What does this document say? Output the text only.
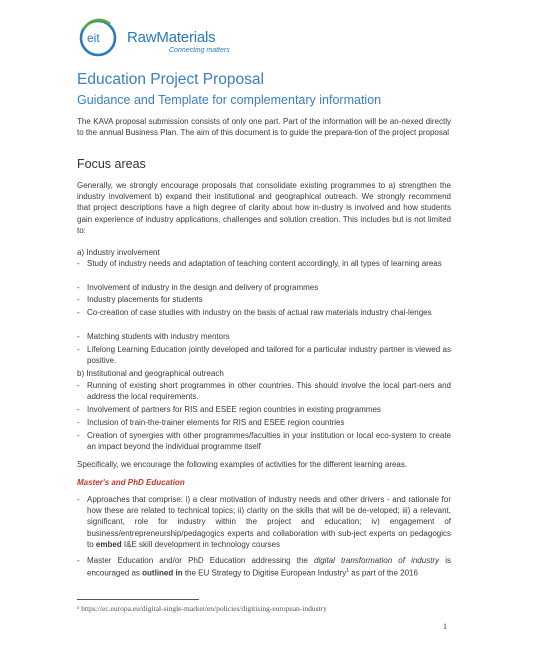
eit RawMaterials
Connecting matters
Education Project Proposal
Guidance and Template for complementary information
The KAVA proposal submission consists of only one part. Part of the information will be an-nexed directly to the annual Business Plan. The aim of this document is to guide the prepara-tion of the project proposal
Focus areas
Generally, we strongly encourage proposals that consolidate existing programmes to a) strengthen the industry involvement b) expand their institutional and geographical outreach. We strongly recommend that project descriptions have a high degree of clarity about how in-dustry is involved and how students gain experience of industry applications, challenges and solution creation. This includes but is not limited to:
a) Industry involvement
- Study of industry needs and adaptation of teaching content accordingly, in all types of learning areas
- Involvement of industry in the design and delivery of programmes
- Industry placements for students
- Co-creation of case studies with industry on the basis of actual raw materials industry chal-lenges
- Matching students with industry mentors
- Lifelong Learning Education jointly developed and tailored for a particular industry partner is viewed as positive.
b) Institutional and geographical outreach
- Running of existing short programmes in other countries. This should involve the local part-ners and address the local requirements.
- Involvement of partners for RIS and ESEE region countries in existing programmes
- Inclusion of train-the-trainer elements for RIS and ESEE region countries
- Creation of synergies with other programmes/faculties in your institution or local eco-system to create an impact beyond the individual programme itself
Specifically, we encourage the following examples of activities for the different learning areas.
Master's and PhD Education
- Approaches that comprise: i) a clear motivation of industry needs and other drivers - and rationale for how these are related to technical topics; ii) clarity on the skills that will be de-veloped; iii) a relevant, significant, role for industry within the project and education; iv) engagement of business/entrepreneurship/pedagogics experts and collaboration with sub-ject experts on pedagogics to embed I&E skill development in technology courses
- Master Education and/or PhD Education addressing the digital transformation of industry is encouraged as outlined in the EU Strategy to Digitise European Industry$^1$ as part of the 2016
¹ https://ec.europa.eu/digital-single-market/en/policies/digitising-european-industry
1
